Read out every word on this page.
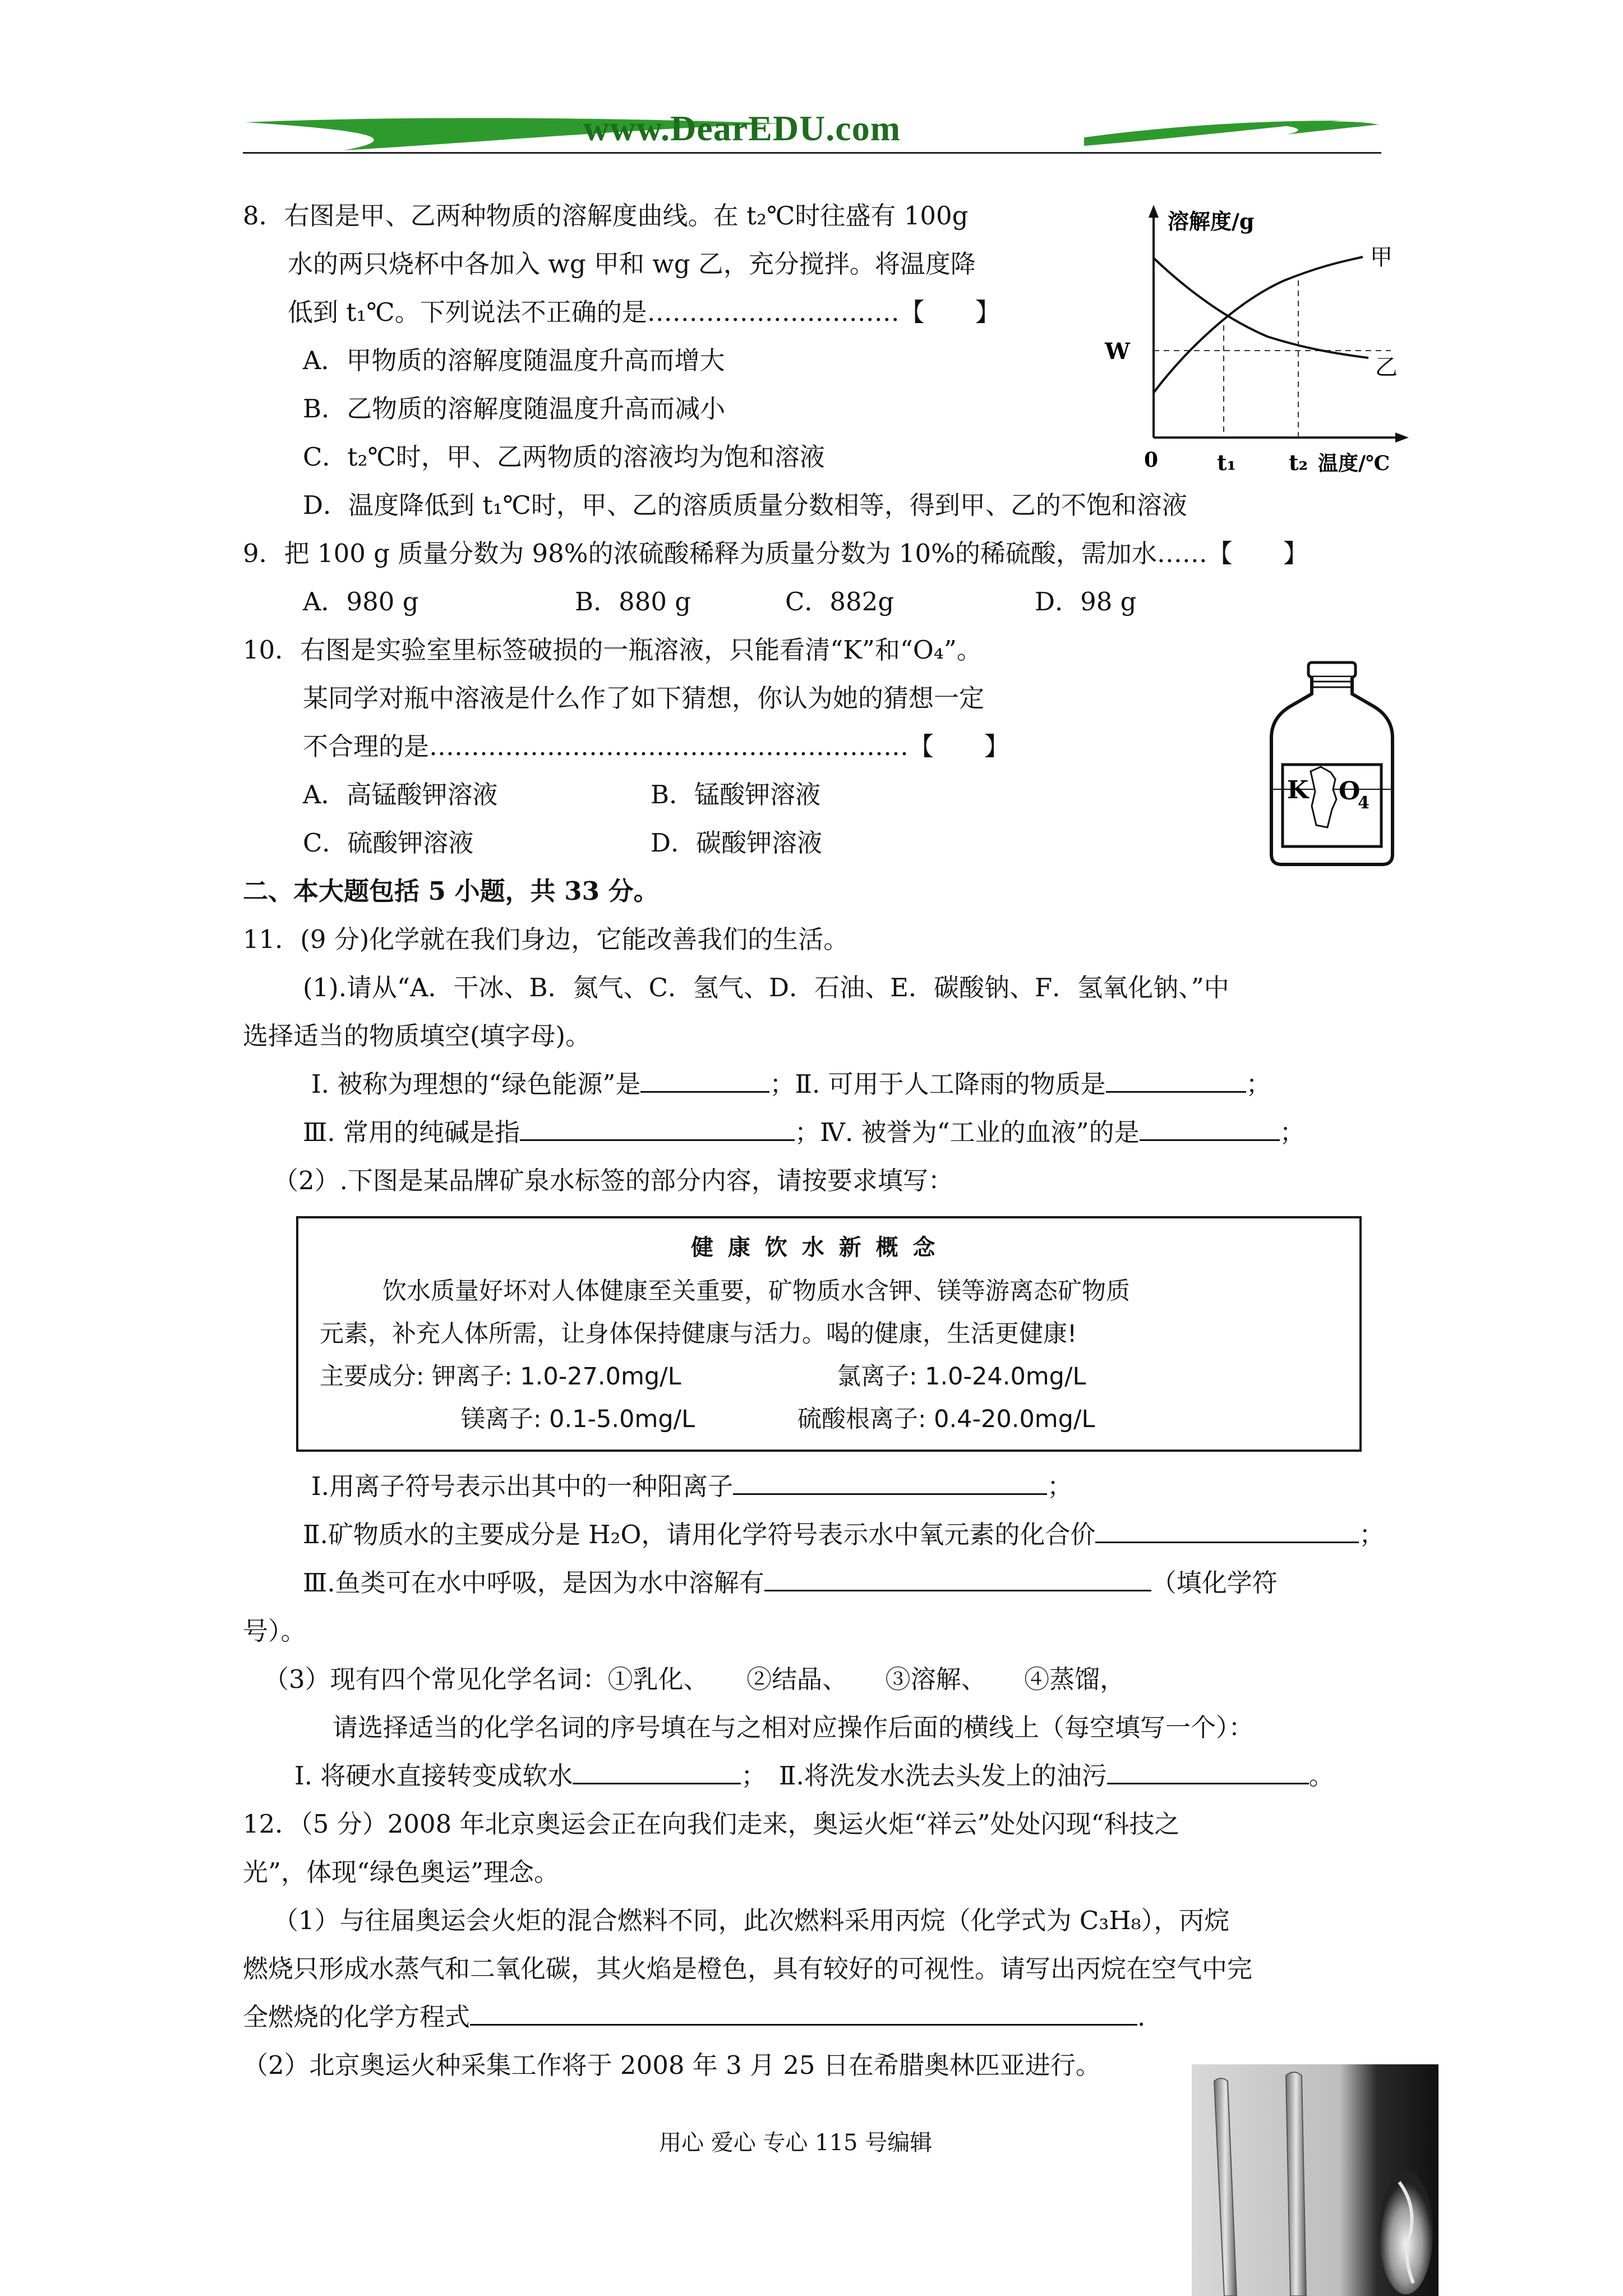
www.DearEDU.com
8．右图是甲、乙两种物质的溶解度曲线。在 t₂℃时往盛有 100g
水的两只烧杯中各加入 wg 甲和 wg 乙，充分搅拌。将温度降
低到 t₁℃。下列说法不正确的是…………………………【　　】
A．甲物质的溶解度随温度升高而增大
B．乙物质的溶解度随温度升高而减小
C．t₂℃时，甲、乙两物质的溶液均为饱和溶液
D．温度降低到 t₁℃时，甲、乙的溶质质量分数相等，得到甲、乙的不饱和溶液
溶解度/g
0	t₁ t₂ 温度/℃
W
甲
乙
9．把 100 g 质量分数为 98%的浓硫酸稀释为质量分数为 10%的稀硫酸，需加水……【　　】
A．980 g	B．880 g	C．882g	D．98 g
10．右图是实验室里标签破损的一瓶溶液，只能看清“K”和“O₄”。
某同学对瓶中溶液是什么作了如下猜想，你认为她的猜想一定
不合理的是…………………………………………………【　　】
A．高锰酸钾溶液	B．锰酸钾溶液
C．硫酸钾溶液	D．碳酸钾溶液
K O
4
二、本大题包括 5 小题，共 33 分。
11．(9 分)化学就在我们身边，它能改善我们的生活。
(1).请从“A．干冰、B．氮气、C．氢气、D．石油、E．碳酸钠、F．氢氧化钠、”中
选择适当的物质填空(填字母)。
Ⅰ. 被称为理想的“绿色能源”是	；Ⅱ. 可用于人工降雨的物质是	；
Ⅲ. 常用的纯碱是指	；Ⅳ. 被誉为“工业的血液”的是	；
（2）.下图是某品牌矿泉水标签的部分内容，请按要求填写：
健 康 饮 水 新 概 念
饮水质量好坏对人体健康至关重要，矿物质水含钾、镁等游离态矿物质
元素，补充人体所需，让身体保持健康与活力。喝的健康，生活更健康!
主要成分: 钾离子: 1.0-27.0mg/L	氯离子: 1.0-24.0mg/L
镁离子: 0.1-5.0mg/L	硫酸根离子: 0.4-20.0mg/L
Ⅰ.用离子符号表示出其中的一种阳离子	；
Ⅱ.矿物质水的主要成分是 H₂O，请用化学符号表示水中氧元素的化合价	；
Ⅲ.鱼类可在水中呼吸，是因为水中溶解有	（填化学符
号）。
（3）现有四个常见化学名词：①乳化、　　②结晶、　　③溶解、　　④蒸馏，
请选择适当的化学名词的序号填在与之相对应操作后面的横线上（每空填写一个）：
Ⅰ. 将硬水直接转变成软水	；　Ⅱ.将洗发水洗去头发上的油污	。
12．（5 分）2008 年北京奥运会正在向我们走来，奥运火炬“祥云”处处闪现“科技之
光”，体现“绿色奥运”理念。
（1）与往届奥运会火炬的混合燃料不同，此次燃料采用丙烷（化学式为 C₃H₈），丙烷
燃烧只形成水蒸气和二氧化碳，其火焰是橙色，具有较好的可视性。请写出丙烷在空气中完
全燃烧的化学方程式	.
（2）北京奥运火种采集工作将于 2008 年 3 月 25 日在希腊奥林匹亚进行。
用心 爱心 专心 115 号编辑
